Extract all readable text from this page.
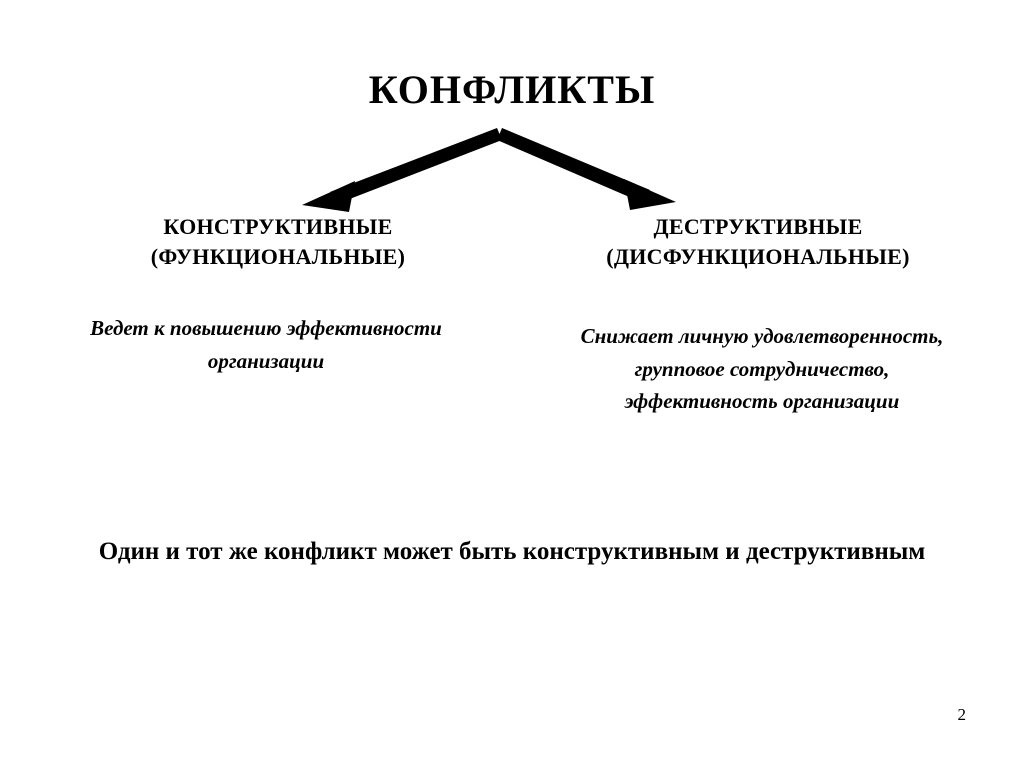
КОНФЛИКТЫ
КОНСТРУКТИВНЫЕ
(ФУНКЦИОНАЛЬНЫЕ)
Ведет к повышению эффективности организации
ДЕСТРУКТИВНЫЕ
(ДИСФУНКЦИОНАЛЬНЫЕ)
Снижает личную удовлетворенность, групповое сотрудничество, эффективность организации
Один и тот же конфликт может быть конструктивным и деструктивным
2
